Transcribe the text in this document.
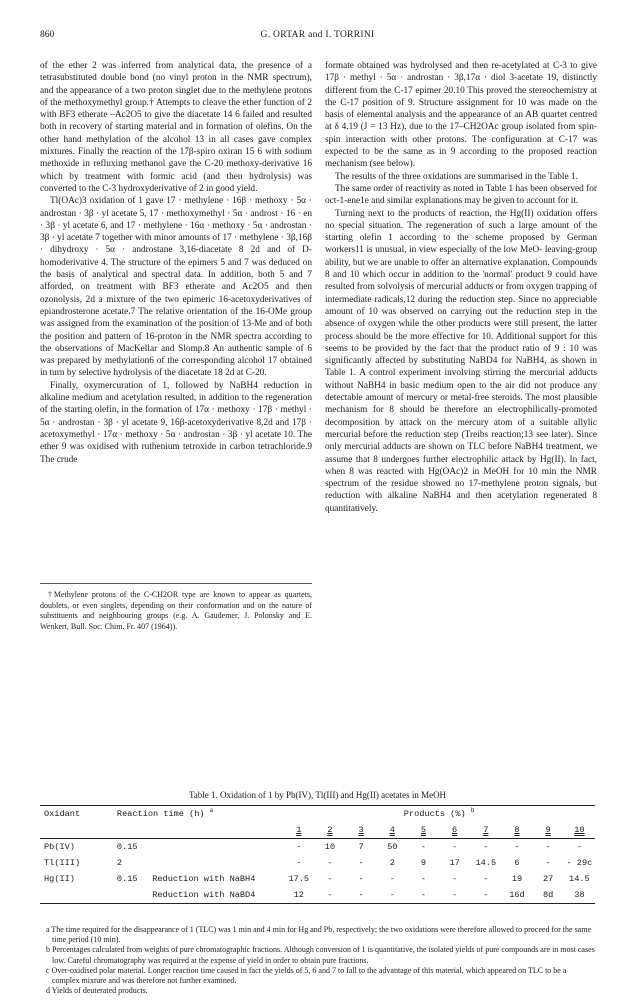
860	G. ORTAR and I. TORRINI

of the ether 2 was inferred from analytical data, the presence of a tetrasubstituted double bond (no vinyl proton in the NMR spectrum), and the appearance of a two proton singlet due to the methylene protons of the methoxymethyl group.† Attempts to cleave the ether function of 2 with BF3 etherate –Ac2O5 to give the diacetate 14 6 failed and resulted both in recovery of starting material and in formation of olefins. On the other hand methylation of the alcohol 13 in all cases gave complex mixtures. Finally the reaction of the 17β-spiro oxiran 15 6 with sodium methoxide in refluxing methanol gave the C-20 methoxy-derivative 16 which by treatment with formic acid (and then hydrolysis) was converted to the C-3 hydroxyderivative of 2 in good yield.

Tl(OAc)3 oxidation of 1 gave 17 · methylene · 16β · methoxy · 5α · androstan · 3β · yl acetate 5, 17 · methoxymethyl · 5α · androst · 16 · en · 3β · yl acetate 6, and 17 · methylene · 16α · methoxy · 5α · androstan · 3β · yl acetate 7 together with minor amounts of 17 · methylene · 3β,16β · dihydroxy · 5α · androstane 3,16-diacetate 8 2d and of D-homoderivative 4. The structure of the epimers 5 and 7 was deduced on the basis of analytical and spectral data. In addition, both 5 and 7 afforded, on treatment with BF3 etherate and Ac2O5 and then ozonolysis, 2d a mixture of the two epimeric 16-acetoxyderivatives of epiandrosterone acetate.7 The relative orientation of the 16-OMe group was assigned from the examination of the position of 13-Me and of both the position and pattern of 16-proton in the NMR spectra according to the observations of MacKellar and Slomp.8 An authentic sample of 6 was prepared by methylation6 of the corresponding alcohol 17 obtained in turn by selective hydrolysis of the diacetate 18 2d at C-20.

Finally, oxymercuration of 1, followed by NaBH4 reduction in alkaline medium and acetylation resulted, in addition to the regeneration of the starting olefin, in the formation of 17α · methoxy · 17β · methyl · 5α · androstan · 3β · yl acetate 9, 16β-acetoxyderivative 8,2d and 17β · acetoxymethyl · 17α · methoxy · 5α · androstan · 3β · yl acetate 10. The ether 9 was oxidised with ruthenium tetroxide in carbon tetrachloride.9 The crude

†Methylene protons of the C-CH2OR type are known to appear as quartets, doublets, or even singlets, depending on their conformation and on the nature of substituents and neighbouring groups (e.g. A. Gaudemer, J. Polonsky and E. Wenkert, Bull. Soc. Chim. Fr. 407 (1964)).

formate obtained was hydrolysed and then re-acetylated at C-3 to give 17β · methyl · 5α · androstan · 3β,17α · diol 3-acetate 19, distinctly different from the C-17 epimer 20.10 This proved the stereochemistry at the C-17 position of 9. Structure assignment for 10 was made on the basis of elemental analysis and the appearance of an AB quartet centred at δ 4.19 (J = 13 Hz), due to the 17–CH2OAc group isolated from spin-spin interaction with other protons. The configuration at C-17 was expected to be the same as in 9 according to the proposed reaction mechanism (see below).

The results of the three oxidations are summarised in the Table 1.

The same order of reactivity as noted in Table 1 has been observed for oct-1-ene1e and similar explanations may be given to account for it.

Turning next to the products of reaction, the Hg(II) oxidation offers no special situation. The regeneration of such a large amount of the starting olefin 1 according to the scheme proposed by German workers11 is unusual, in view especially of the low MeO- leaving-group ability, but we are unable to offer an alternative explanation. Compounds 8 and 10 which occur in addition to the 'normal' product 9 could have resulted from solvolysis of mercurial adducts or from oxygen trapping of intermediate radicals,12 during the reduction step. Since no appreciable amount of 10 was observed on carrying out the reduction step in the absence of oxygen while the other products were still present, the latter process should be the more effective for 10. Additional support for this seems to be provided by the fact that the product ratio of 9 : 10 was significantly affected by substituting NaBD4 for NaBH4, as shown in Table 1. A control experiment involving stirring the mercurial adducts without NaBH4 in basic medium open to the air did not produce any detectable amount of mercury or metal-free steroids. The most plausible mechanism for 8 should be therefore an electrophilically-promoted decomposition by attack on the mercury atom of a suitable allylic mercurial before the reduction step (Treibs reaction;13 see later). Since only mercurial adducts are shown on TLC before NaBH4 treatment, we assume that 8 undergoes further electrophilic attack by Hg(II). In fact, when 8 was reacted with Hg(OAc)2 in MeOH for 10 min the NMR spectrum of the residue showed no 17-methylene proton signals, but reduction with alkaline NaBH4 and then acetylation regenerated 8 quantitatively.

Table 1. Oxidation of 1 by Pb(IV), Tl(III) and Hg(II) acetates in MeOH
Oxidant	Reaction time (h) $^a$		Products (%) $^b$
			1	2	3	4	5	6	7	8	9	10
Pb(IV)	0.15		-	10	7	50	-	-	-	-	-	-
Tl(III)	2		-	-	-	2	9	17	14.5	6	-	- 29c
Hg(II)	0.15	Reduction with NaBH4	17.5	-	-	-	-	-	-	19	27	14.5
		Reduction with NaBD4	12	-	-	-	-	-	-	16d	8d	38

a The time required for the disappearance of 1 (TLC) was 1 min and 4 min for Hg and Pb, respectively; the two oxidations were therefore allowed to proceed for the same time period (10 min).

b Percentages calculated from weights of pure chromatographic fractions. Although conversion of 1 is quantitative, the isolated yields of pure compounds are in most cases low. Careful chromatography was required at the expense of yield in order to obtain pure fractions.

c Over-oxidised polar material. Longer reaction time caused in fact the yields of 5, 6 and 7 to fall to the advantage of this material, which appeared on TLC to be a complex mixture and was therefore not further examined.

d Yields of deuterated products.
